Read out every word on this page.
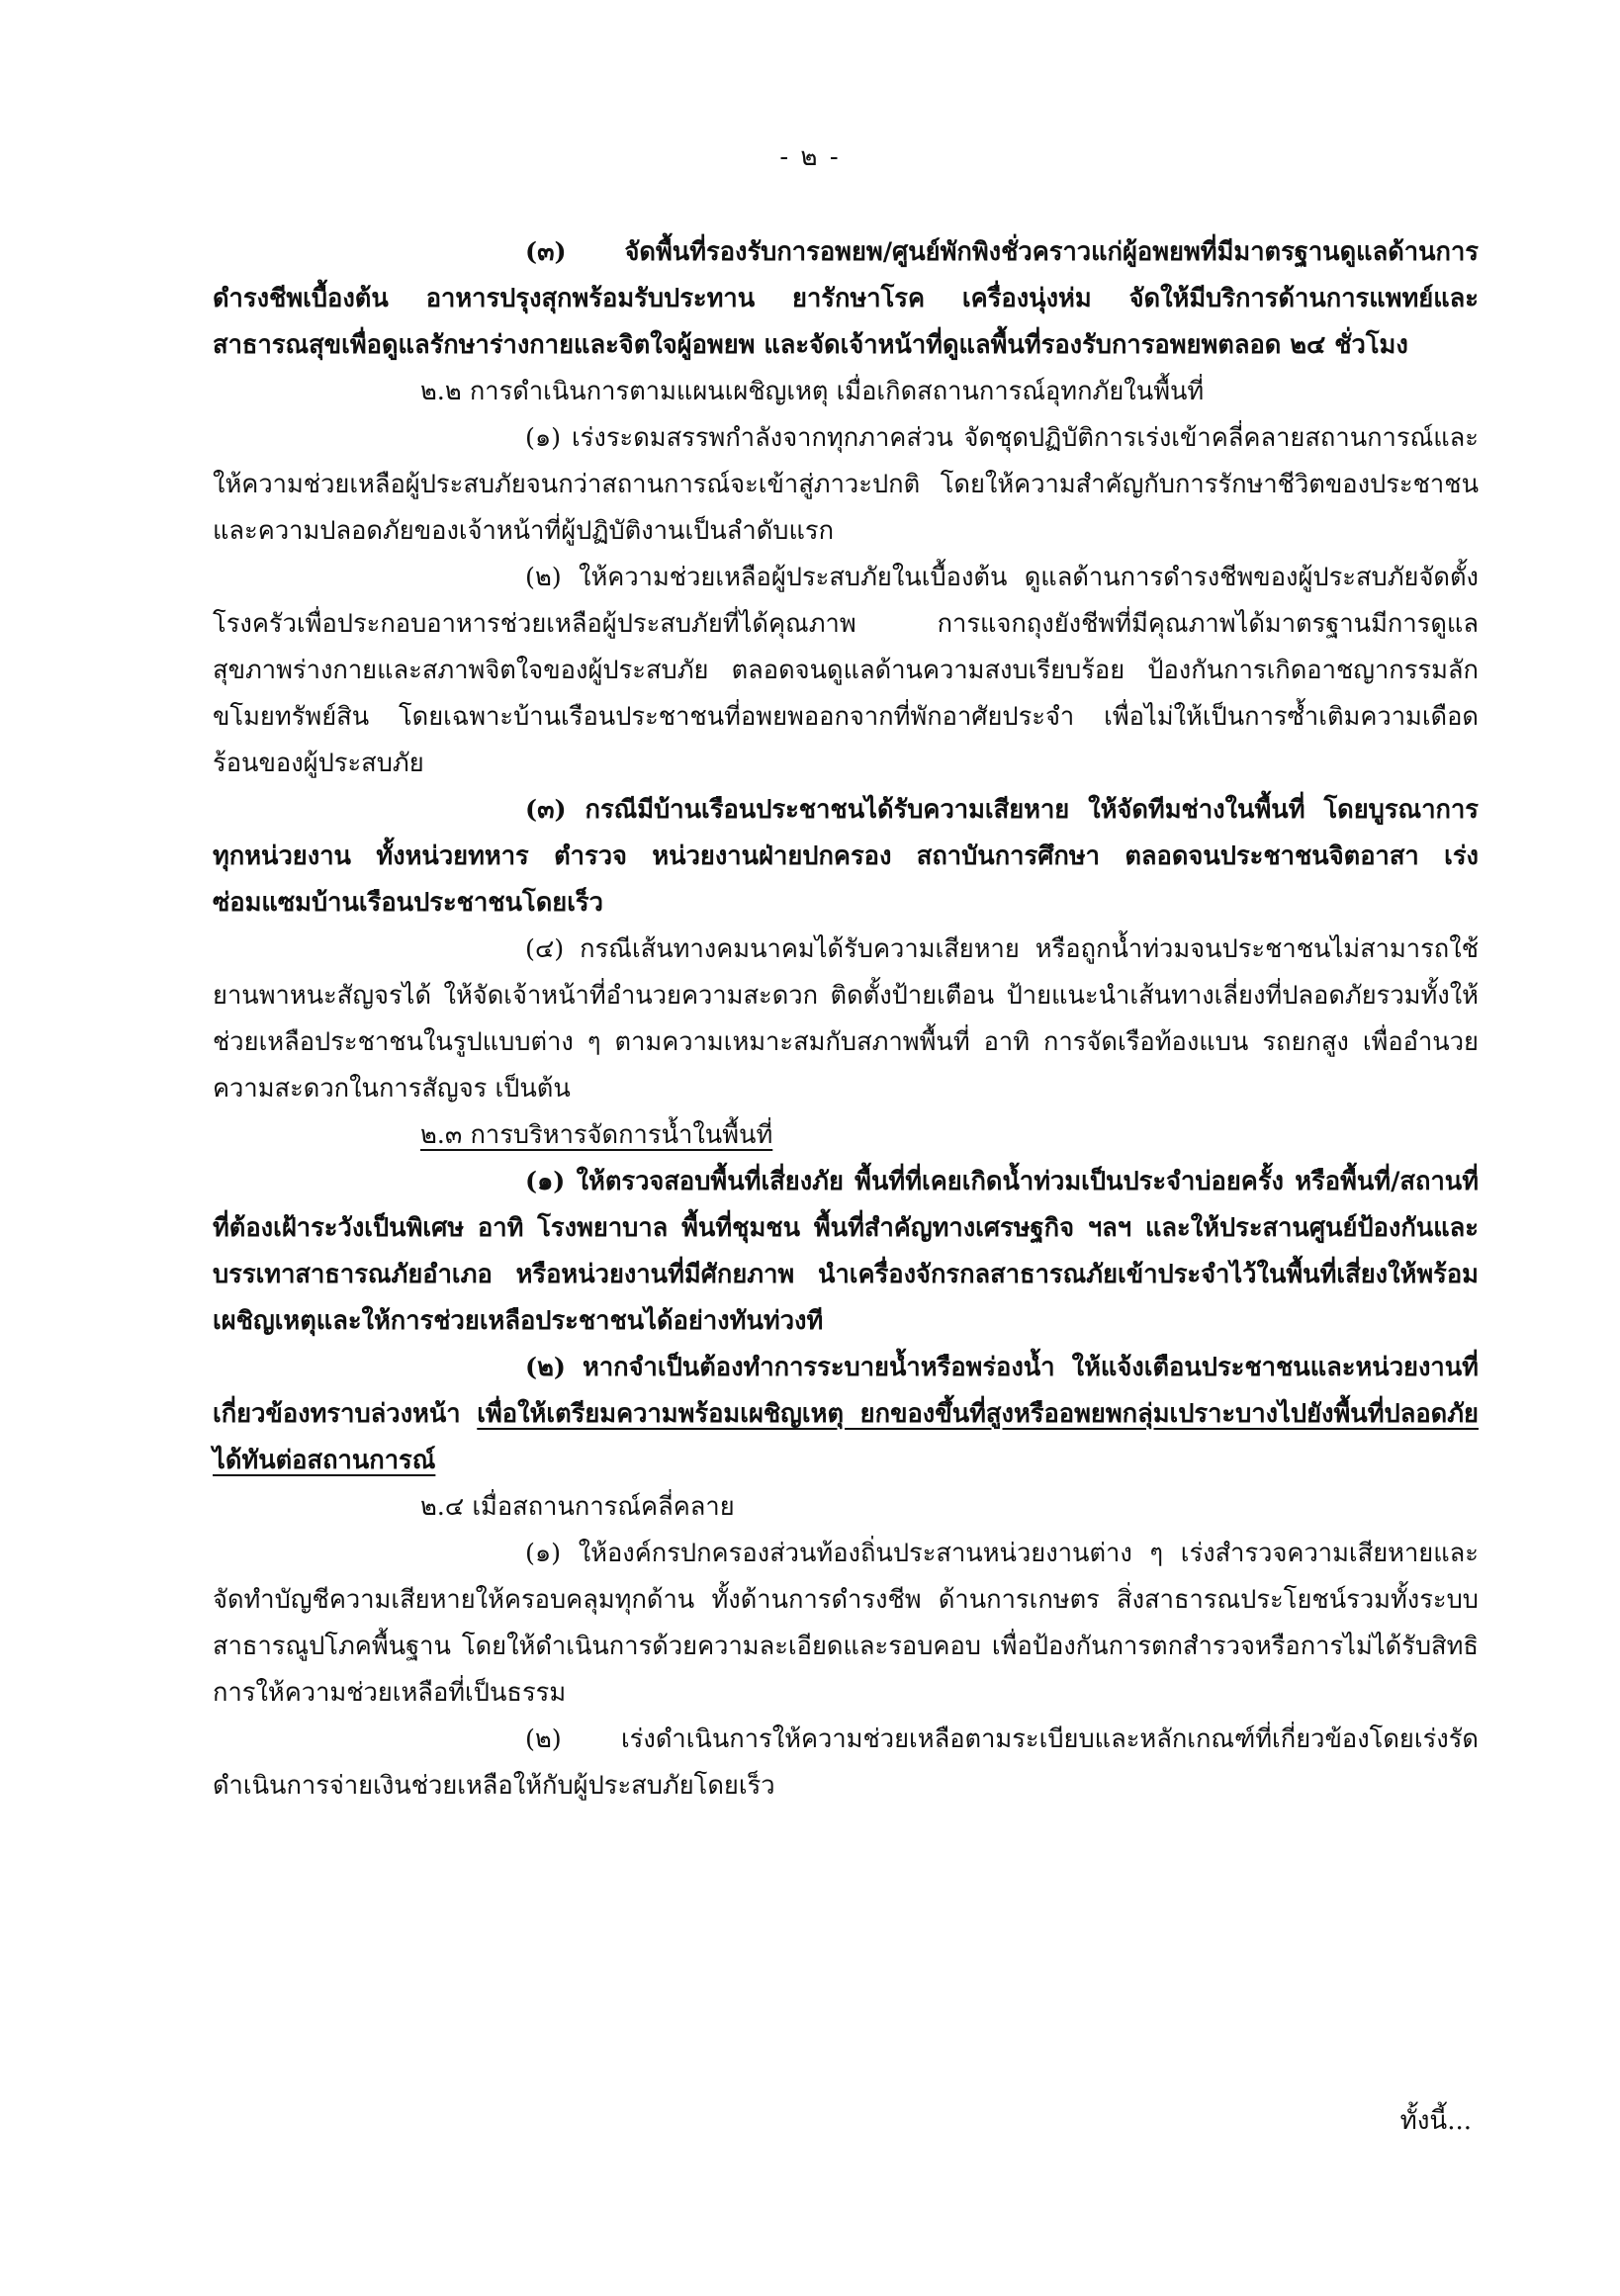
- ๒ -

(๓) จัดพื้นที่รองรับการอพยพ/ศูนย์พักพิงชั่วคราวแก่ผู้อพยพที่มีมาตรฐานดูแลด้านการดำรงชีพเบื้องต้น อาหารปรุงสุกพร้อมรับประทาน ยารักษาโรค เครื่องนุ่งห่ม จัดให้มีบริการด้านการแพทย์และสาธารณสุขเพื่อดูแลรักษาร่างกายและจิตใจผู้อพยพ และจัดเจ้าหน้าที่ดูแลพื้นที่รองรับการอพยพตลอด ๒๔ ชั่วโมง

๒.๒ การดำเนินการตามแผนเผชิญเหตุ เมื่อเกิดสถานการณ์อุทกภัยในพื้นที่

(๑) เร่งระดมสรรพกำลังจากทุกภาคส่วน จัดชุดปฏิบัติการเร่งเข้าคลี่คลายสถานการณ์และให้ความช่วยเหลือผู้ประสบภัยจนกว่าสถานการณ์จะเข้าสู่ภาวะปกติ โดยให้ความสำคัญกับการรักษาชีวิตของประชาชนและความปลอดภัยของเจ้าหน้าที่ผู้ปฏิบัติงานเป็นลำดับแรก

(๒) ให้ความช่วยเหลือผู้ประสบภัยในเบื้องต้น ดูแลด้านการดำรงชีพของผู้ประสบภัยจัดตั้งโรงครัวเพื่อประกอบอาหารช่วยเหลือผู้ประสบภัยที่ได้คุณภาพ การแจกถุงยังชีพที่มีคุณภาพได้มาตรฐานมีการดูแลสุขภาพร่างกายและสภาพจิตใจของผู้ประสบภัย ตลอดจนดูแลด้านความสงบเรียบร้อย ป้องกันการเกิดอาชญากรรมลักขโมยทรัพย์สิน โดยเฉพาะบ้านเรือนประชาชนที่อพยพออกจากที่พักอาศัยประจำ เพื่อไม่ให้เป็นการซ้ำเติมความเดือดร้อนของผู้ประสบภัย

(๓) กรณีมีบ้านเรือนประชาชนได้รับความเสียหาย ให้จัดทีมช่างในพื้นที่ โดยบูรณาการทุกหน่วยงาน ทั้งหน่วยทหาร ตำรวจ หน่วยงานฝ่ายปกครอง สถาบันการศึกษา ตลอดจนประชาชนจิตอาสา เร่งซ่อมแซมบ้านเรือนประชาชนโดยเร็ว

(๔) กรณีเส้นทางคมนาคมได้รับความเสียหาย หรือถูกน้ำท่วมจนประชาชนไม่สามารถใช้ยานพาหนะสัญจรได้ ให้จัดเจ้าหน้าที่อำนวยความสะดวก ติดตั้งป้ายเตือน ป้ายแนะนำเส้นทางเลี่ยงที่ปลอดภัยรวมทั้งให้ช่วยเหลือประชาชนในรูปแบบต่าง ๆ ตามความเหมาะสมกับสภาพพื้นที่ อาทิ การจัดเรือท้องแบน รถยกสูง เพื่ออำนวยความสะดวกในการสัญจร เป็นต้น

๒.๓ การบริหารจัดการน้ำในพื้นที่

(๑) ให้ตรวจสอบพื้นที่เสี่ยงภัย พื้นที่ที่เคยเกิดน้ำท่วมเป็นประจำบ่อยครั้ง หรือพื้นที่/สถานที่ที่ต้องเฝ้าระวังเป็นพิเศษ อาทิ โรงพยาบาล พื้นที่ชุมชน พื้นที่สำคัญทางเศรษฐกิจ ฯลฯ และให้ประสานศูนย์ป้องกันและบรรเทาสาธารณภัยอำเภอ หรือหน่วยงานที่มีศักยภาพ นำเครื่องจักรกลสาธารณภัยเข้าประจำไว้ในพื้นที่เสี่ยงให้พร้อมเผชิญเหตุและให้การช่วยเหลือประชาชนได้อย่างทันท่วงที

(๒) หากจำเป็นต้องทำการระบายน้ำหรือพร่องน้ำ ให้แจ้งเตือนประชาชนและหน่วยงานที่เกี่ยวข้องทราบล่วงหน้า เพื่อให้เตรียมความพร้อมเผชิญเหตุ ยกของขึ้นที่สูงหรืออพยพกลุ่มเปราะบางไปยังพื้นที่ปลอดภัยได้ทันต่อสถานการณ์

๒.๔ เมื่อสถานการณ์คลี่คลาย

(๑) ให้องค์กรปกครองส่วนท้องถิ่นประสานหน่วยงานต่าง ๆ เร่งสำรวจความเสียหายและจัดทำบัญชีความเสียหายให้ครอบคลุมทุกด้าน ทั้งด้านการดำรงชีพ ด้านการเกษตร สิ่งสาธารณประโยชน์รวมทั้งระบบสาธารณูปโภคพื้นฐาน โดยให้ดำเนินการด้วยความละเอียดและรอบคอบ เพื่อป้องกันการตกสำรวจหรือการไม่ได้รับสิทธิการให้ความช่วยเหลือที่เป็นธรรม

(๒) เร่งดำเนินการให้ความช่วยเหลือตามระเบียบและหลักเกณฑ์ที่เกี่ยวข้องโดยเร่งรัดดำเนินการจ่ายเงินช่วยเหลือให้กับผู้ประสบภัยโดยเร็ว

ทั้งนี้...
